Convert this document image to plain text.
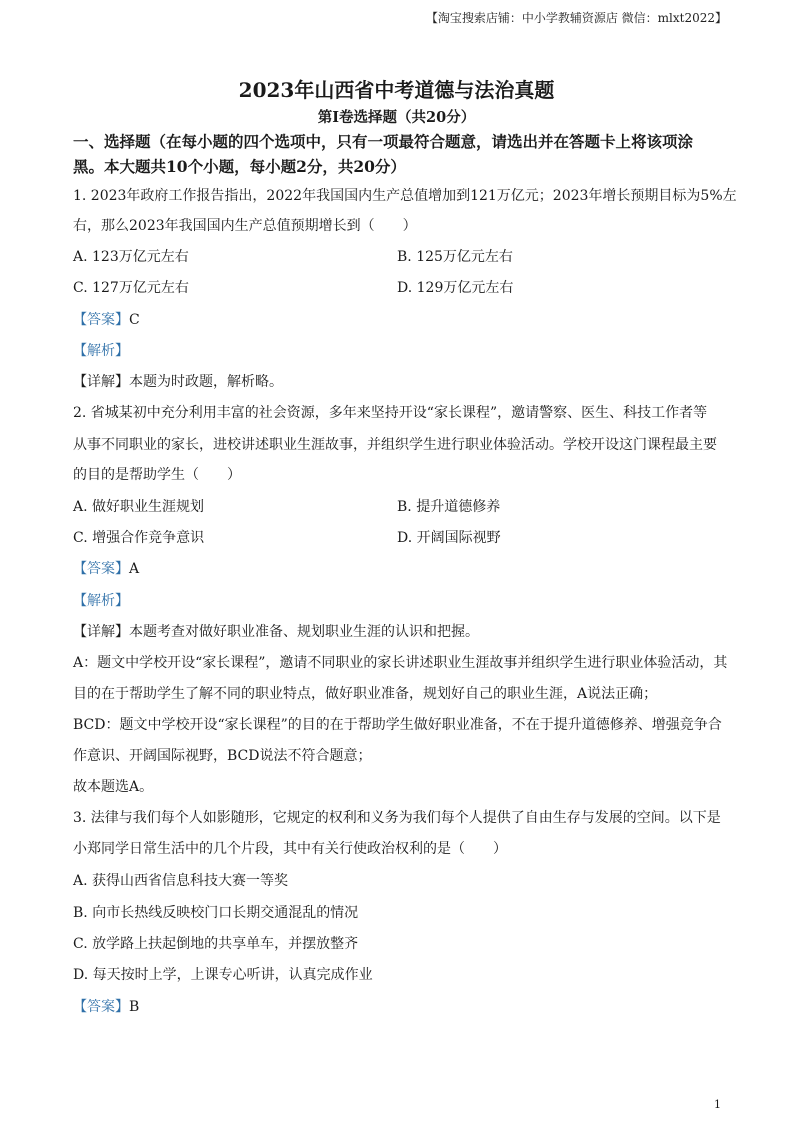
【淘宝搜索店铺：中小学教辅资源店 微信：mlxt2022】
2023年山西省中考道德与法治真题
第Ⅰ卷选择题（共20分）
一、选择题（在每小题的四个选项中，只有一项最符合题意，请选出并在答题卡上将该项涂
黑。本大题共10个小题，每小题2分，共20分）
1. 2023年政府工作报告指出，2022年我国国内生产总值增加到121万亿元；2023年增长预期目标为5%左
右，那么2023年我国国内生产总值预期增长到（　　）
A. 123万亿元左右	B. 125万亿元左右
C. 127万亿元左右	D. 129万亿元左右
【答案】C
【解析】
【详解】本题为时政题，解析略。
2. 省城某初中充分利用丰富的社会资源，多年来坚持开设“家长课程”，邀请警察、医生、科技工作者等
从事不同职业的家长，进校讲述职业生涯故事，并组织学生进行职业体验活动。学校开设这门课程最主要
的目的是帮助学生（　　）
A. 做好职业生涯规划	B. 提升道德修养
C. 增强合作竞争意识	D. 开阔国际视野
【答案】A
【解析】
【详解】本题考查对做好职业准备、规划职业生涯的认识和把握。
A：题文中学校开设“家长课程”，邀请不同职业的家长讲述职业生涯故事并组织学生进行职业体验活动，其
目的在于帮助学生了解不同的职业特点，做好职业准备，规划好自己的职业生涯，A说法正确；
BCD：题文中学校开设“家长课程”的目的在于帮助学生做好职业准备，不在于提升道德修养、增强竞争合
作意识、开阔国际视野，BCD说法不符合题意；
故本题选A。
3. 法律与我们每个人如影随形，它规定的权利和义务为我们每个人提供了自由生存与发展的空间。以下是
小郑同学日常生活中的几个片段，其中有关行使政治权利的是（　　）
A. 获得山西省信息科技大赛一等奖
B. 向市长热线反映校门口长期交通混乱的情况
C. 放学路上扶起倒地的共享单车，并摆放整齐
D. 每天按时上学，上课专心听讲，认真完成作业
【答案】B
1
